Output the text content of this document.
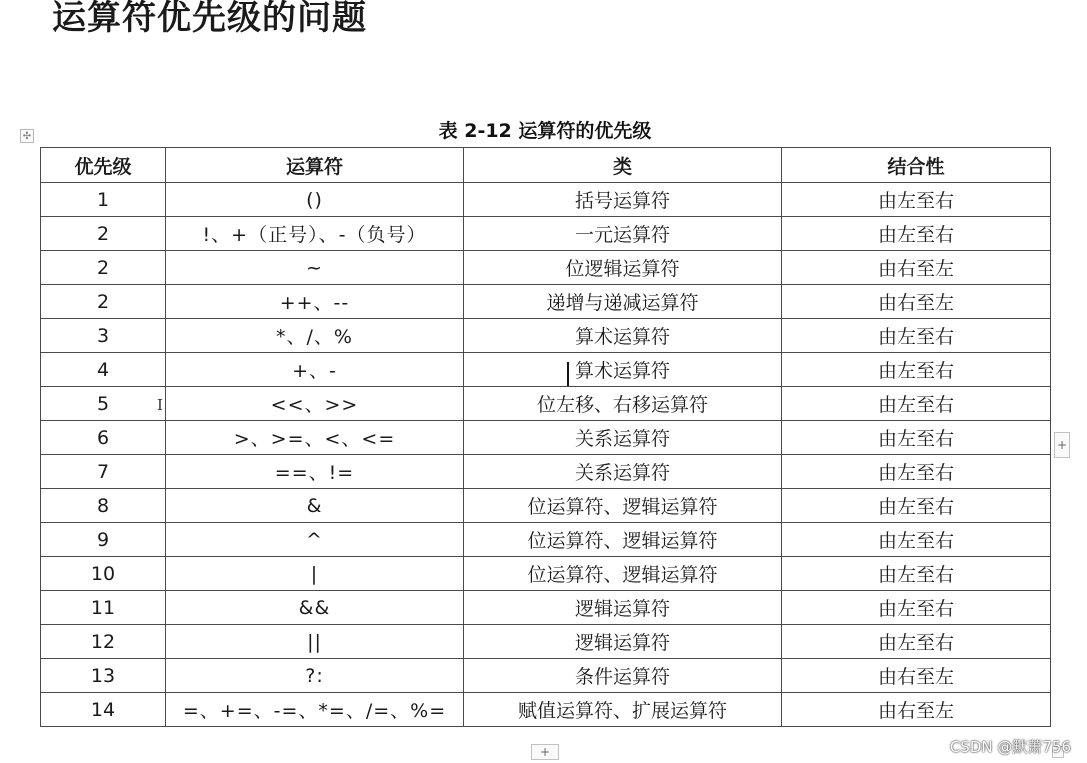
运算符优先级的问题
✣	表 2-12 运算符的优先级
优先级	运算符	类	结合性
1	()	括号运算符	由左至右
2	!、+（正号）、-（负号）	一元运算符	由左至右
2	~	位逻辑运算符	由右至左
2	++、--	递增与递减运算符	由右至左
3	*、/、%	算术运算符	由左至右
4	+、-	算术运算符	由左至右
5	<<、>>	位左移、右移运算符	由左至右
6	>、>=、<、<=	关系运算符	由左至右
7	==、!=	关系运算符	由左至右
8	&	位运算符、逻辑运算符	由左至右
9	^	位运算符、逻辑运算符	由左至右
10	|	位运算符、逻辑运算符	由左至右
11	&&	逻辑运算符	由左至右
12	||	逻辑运算符	由左至右
13	?:	条件运算符	由右至左
14	=、+=、-=、*=、/=、%=	赋值运算符、扩展运算符	由右至左
I
+
+	CSDN @默萧756
